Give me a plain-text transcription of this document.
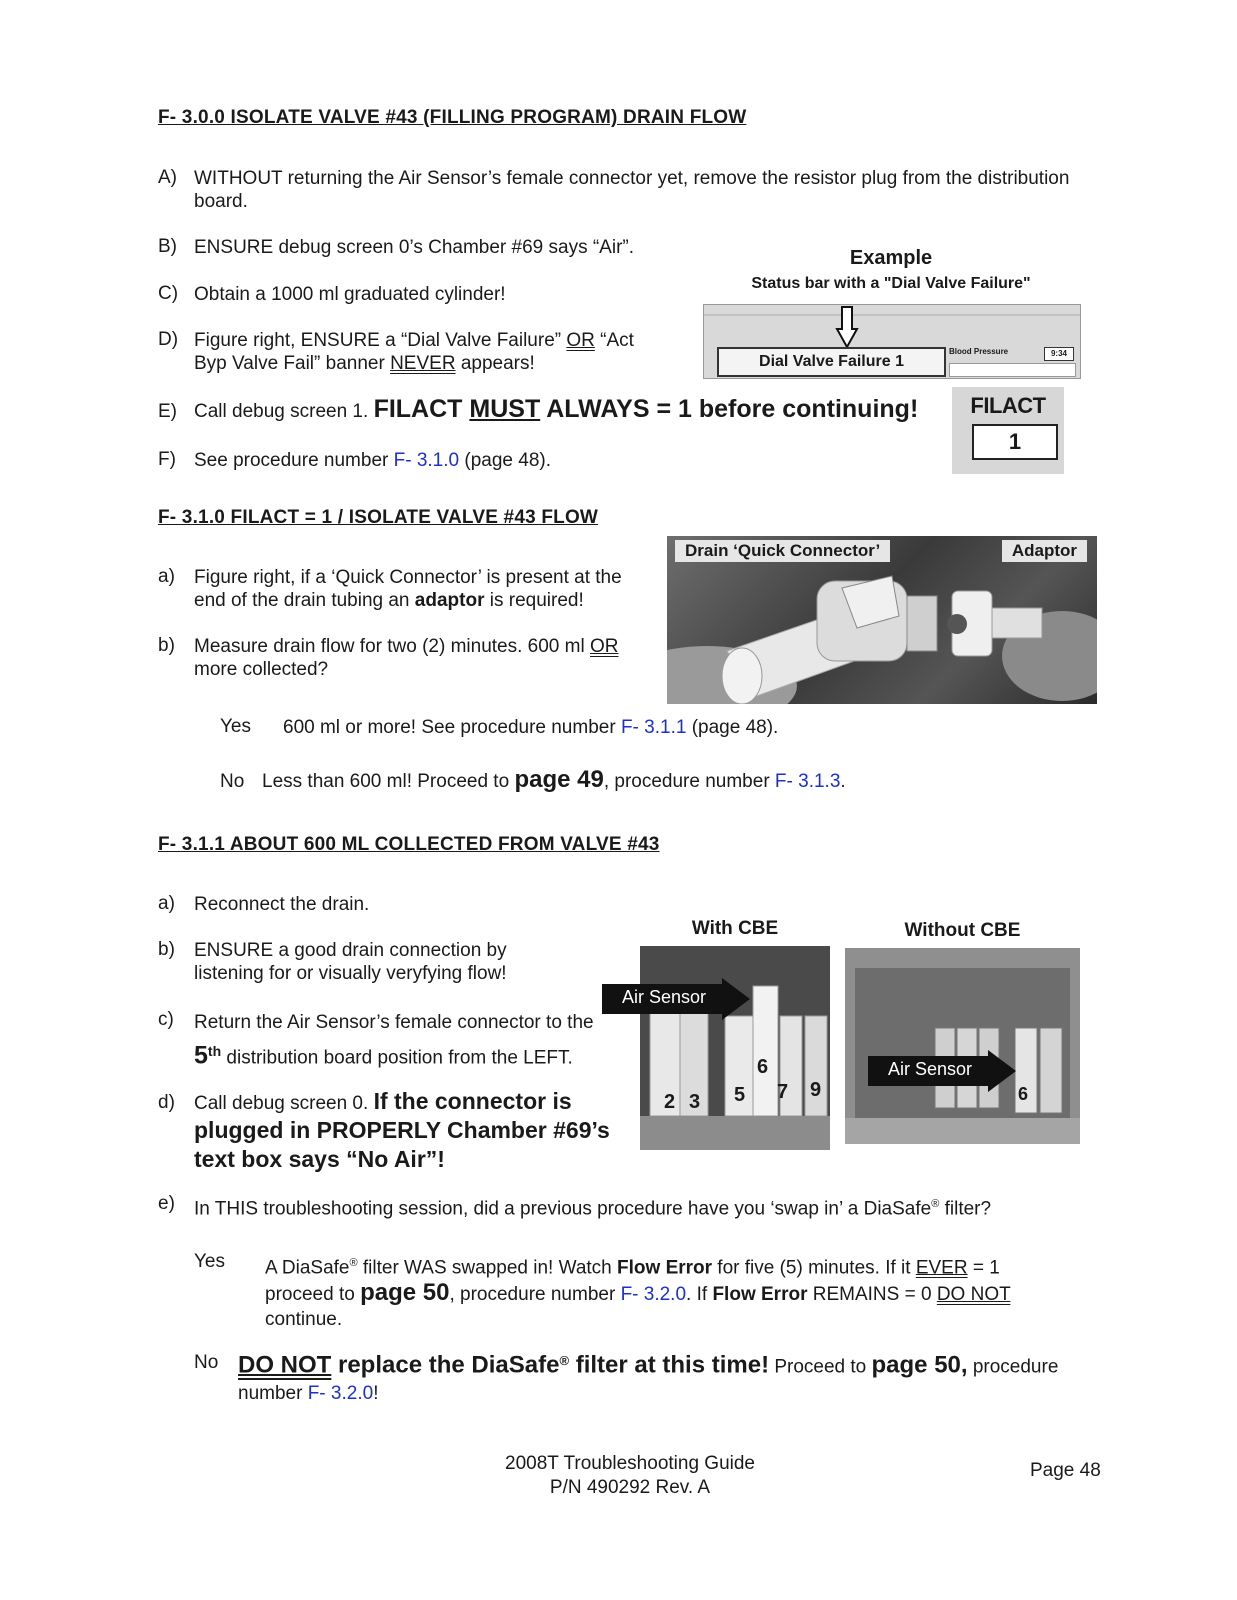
F- 3.0.0 ISOLATE VALVE #43 (FILLING PROGRAM) DRAIN FLOW
A) WITHOUT returning the Air Sensor’s female connector yet, remove the resistor plug from the distribution board.
B) ENSURE debug screen 0’s Chamber #69 says “Air”.
C) Obtain a 1000 ml graduated cylinder!
D) Figure right, ENSURE a “Dial Valve Failure” OR “Act Byp Valve Fail” banner NEVER appears!
E) Call debug screen 1. FILACT MUST ALWAYS = 1 before continuing!
F) See procedure number F- 3.1.0 (page 48).
Example
Status bar with a "Dial Valve Failure"
Dial Valve Failure 1
Blood Pressure	9:34
FILACT
1
F- 3.1.0 FILACT = 1 / ISOLATE VALVE #43 FLOW
a)	Figure right, if a ‘Quick Connector’ is present at the end of the drain tubing an adaptor is required!
b)	Measure drain flow for two (2) minutes. 600 ml OR more collected?
Drain ‘Quick Connector’	Adaptor
Yes 600 ml or more! See procedure number F- 3.1.1 (page 48).
No Less than 600 ml! Proceed to page 49, procedure number F- 3.1.3.
F- 3.1.1 ABOUT 600 ML COLLECTED FROM VALVE #43
a)	Reconnect the drain.
b)	ENSURE a good drain connection by listening for or visually veryfying flow!
c)	Return the Air Sensor’s female connector to the 5th distribution board position from the LEFT.
d)	Call debug screen 0. If the connector is plugged in PROPERLY Chamber #69’s text box says “No Air”!
With CBE	Without CBE
2 3 5
6
7 9
Air Sensor
6
Air Sensor
e)	In THIS troubleshooting session, did a previous procedure have you ‘swap in’ a DiaSafe® filter?
Yes A DiaSafe® filter WAS swapped in! Watch Flow Error for five (5) minutes. If it EVER = 1 proceed to page 50, procedure number F- 3.2.0. If Flow Error REMAINS = 0 DO NOT continue.
No DO NOT replace the DiaSafe® filter at this time! Proceed to page 50, procedure number F- 3.2.0!
2008T Troubleshooting Guide
P/N 490292 Rev. A
Page 48
